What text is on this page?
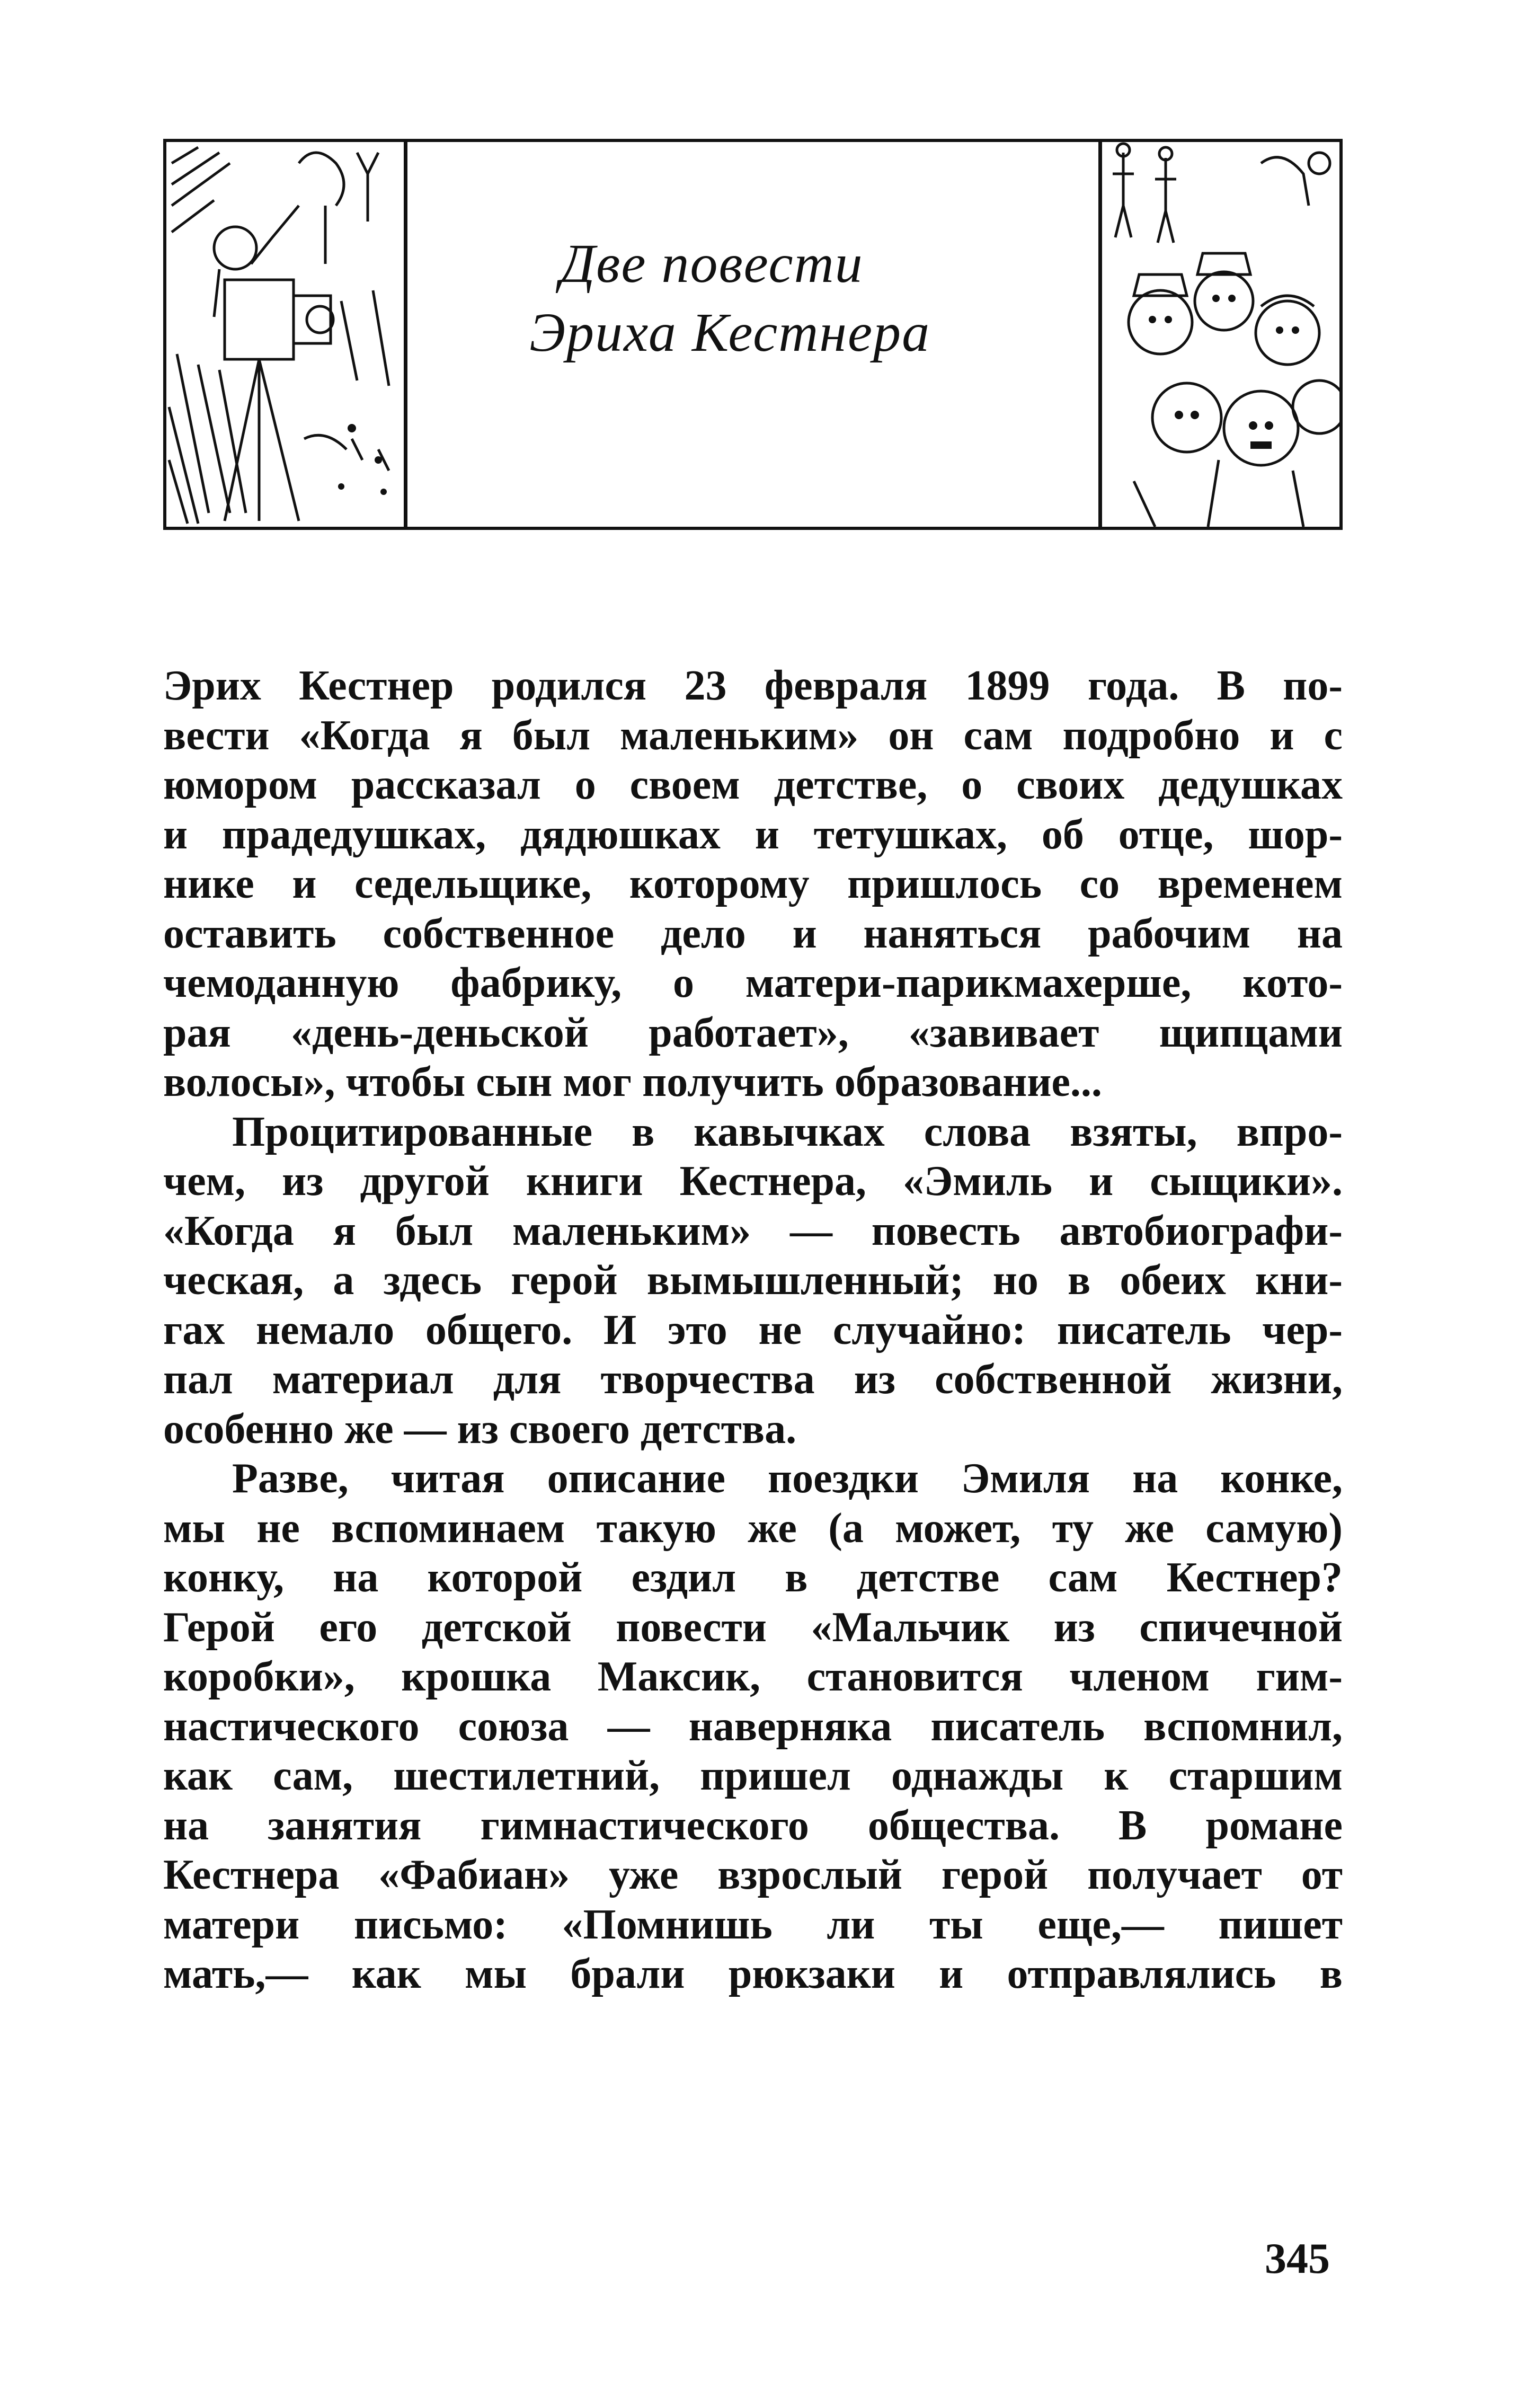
Две повести
Эриха Кестнера
Эрих Кестнер родился 23 февраля 1899 года. В по-
вести «Когда я был маленьким» он сам подробно и с
юмором рассказал о своем детстве, о своих дедушках
и прадедушках, дядюшках и тетушках, об отце, шор-
нике и седельщике, которому пришлось со временем
оставить собственное дело и наняться рабочим на
чемоданную фабрику, о матери-парикмахерше, кото-
рая «день-деньской работает», «завивает щипцами
волосы», чтобы сын мог получить образование...
Процитированные в кавычках слова взяты, впро-
чем, из другой книги Кестнера, «Эмиль и сыщики».
«Когда я был маленьким» — повесть автобиографи-
ческая, а здесь герой вымышленный; но в обеих кни-
гах немало общего. И это не случайно: писатель чер-
пал материал для творчества из собственной жизни,
особенно же — из своего детства.
Разве, читая описание поездки Эмиля на конке,
мы не вспоминаем такую же (а может, ту же самую)
конку, на которой ездил в детстве сам Кестнер?
Герой его детской повести «Мальчик из спичечной
коробки», крошка Максик, становится членом гим-
настического союза — наверняка писатель вспомнил,
как сам, шестилетний, пришел однажды к старшим
на занятия гимнастического общества. В романе
Кестнера «Фабиан» уже взрослый герой получает от
матери письмо: «Помнишь ли ты еще,— пишет
мать,— как мы брали рюкзаки и отправлялись в
345
